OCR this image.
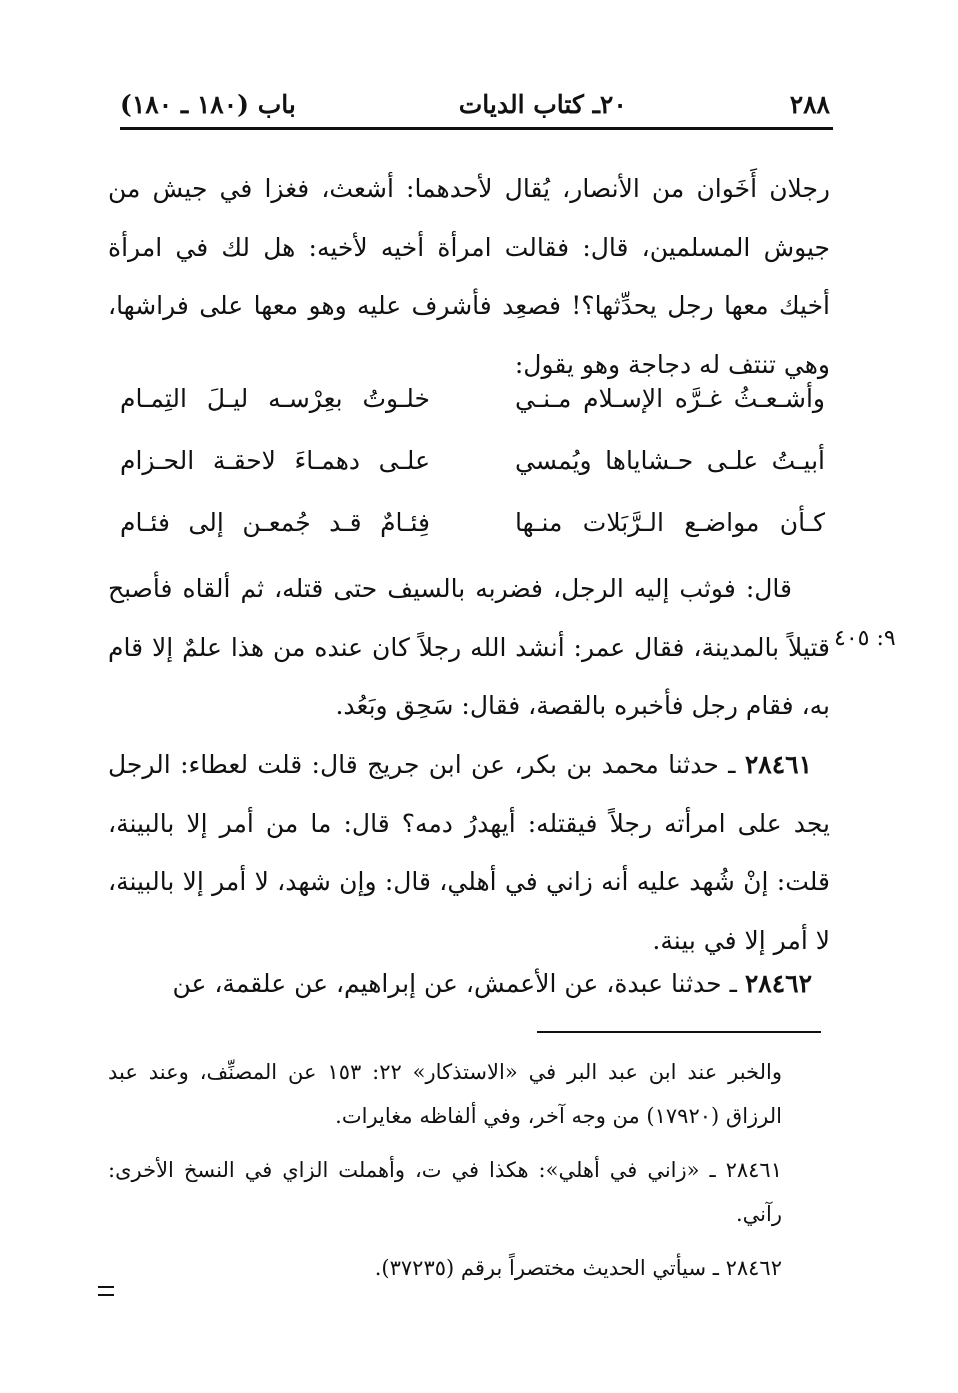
٢٨٨
٢٠ـ كتاب الديات
باب (١٨٠ ـ ١٨٠)

رجلان أَخَوان من الأنصار، يُقال لأحدهما: أشعث، فغزا في جيش من جيوش المسلمين، قال: فقالت امرأة أخيه لأخيه: هل لك في امرأة أخيك معها رجل يحدِّثها؟! فصعِد فأشرف عليه وهو معها على فراشها، وهي تنتف له دجاجة وهو يقول:

وأشـعـثُ غـرَّه الإسـلام مـنـي
خلـوتُ بعِرْسـه ليـلَ التِمـام
أبيـتُ علـى حـشاياها ويُمسي
علـى دهمـاءَ لاحقـة الحـزام
كـأن مواضـع الـرَّبَلات منـها
فِئـامٌ قـد جُمعـن إلى فئـام

قال: فوثب إليه الرجل، فضربه بالسيف حتى قتله، ثم ألقاه فأصبح قتيلاً بالمدينة، فقال عمر: أنشد الله رجلاً كان عنده من هذا علمٌ إلا قام به، فقام رجل فأخبره بالقصة، فقال: سَحِق وبَعُد.

٩: ٤٠٥

٢٨٤٦١ ـ حدثنا محمد بن بكر، عن ابن جريج قال: قلت لعطاء: الرجل يجد على امرأته رجلاً فيقتله: أيهدرُ دمه؟ قال: ما من أمر إلا بالبينة، قلت: إنْ شُهد عليه أنه زاني في أهلي، قال: وإن شهد، لا أمر إلا بالبينة، لا أمر إلا في بينة.

٢٨٤٦٢ ـ حدثنا عبدة، عن الأعمش، عن إبراهيم، عن علقمة، عن

والخبر عند ابن عبد البر في «الاستذكار» ٢٢: ١٥٣ عن المصنِّف، وعند عبد الرزاق (١٧٩٢٠) من وجه آخر، وفي ألفاظه مغايرات.

٢٨٤٦١ ـ «زاني في أهلي»: هكذا في ت، وأهملت الزاي في النسخ الأخرى: رآني.

٢٨٤٦٢ ـ سيأتي الحديث مختصراً برقم (٣٧٢٣٥).
